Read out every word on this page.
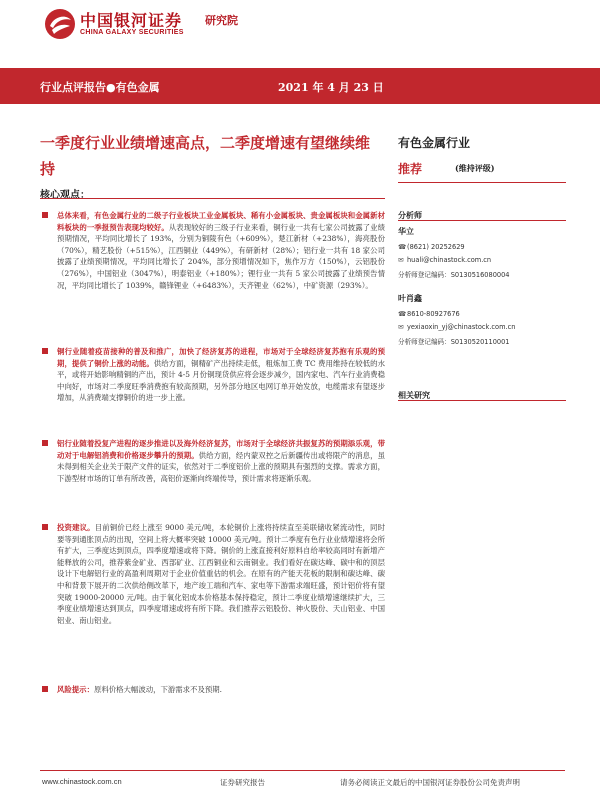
中国银河证券
CHINA GALAXY SECURITIES
研究院
行业点评报告●有色金属	2021 年 4 月 23 日
一季度行业业绩增速高点，二季度增速有望继续维持
核心观点：
总体来看，有色金属行业的二级子行业板块工业金属板块、稀有小金属板块、贵金属板块和金属新材料板块的一季报预告表现均较好。从表现较好的三级子行业来看，铜行业一共有七家公司披露了业绩预期情况，平均同比增长了 193%，分别为铜陵有色（+609%），楚江新材（+238%），海亮股份（70%），精艺股份（+515%），江西铜业（449%），有研新材（28%）；铝行业一共有 18 家公司披露了业绩预期情况，平均同比增长了 204%，部分预增情况如下，焦作万方（150%），云铝股份（276%），中国铝业（3047%），明泰铝业（+180%）；锂行业一共有 5 家公司披露了业绩预告情况，平均同比增长了 1039%，赣锋锂业（+6483%），天齐锂业（62%），中矿资源（293%）。
铜行业随着疫苗接种的普及和推广，加快了经济复苏的进程，市场对于全球经济复苏抱有乐观的预期，提供了铜价上涨的动能。供给方面，铜精矿产出持续走低，粗炼加工费 TC 费用维持在较低的水平，或将开始影响精铜的产出，预计 4-5 月份铜现货供应将会逐步减少，国内家电、汽车行业消费稳中向好，市场对二季度旺季消费抱有较高预期，另外部分地区电网订单开始发放，电缆需求有望逐步增加，从消费端支撑铜价的进一步上涨。
铝行业随着投复产进程的逐步推进以及海外经济复苏，市场对于全球经济共振复苏的预期添乐观，带动对于电解铝消费和价格逐步攀升的预期。供给方面，经内蒙双控之后新疆传出或将限产的消息，虽未得到相关企业关于限产文件的证实，依然对于二季度铝价上涨的预期具有强烈的支撑。需求方面，下游型材市场的订单有所改善，高铝价逐渐向终端传导，预计需求将逐渐乐观。
投资建议。目前铜价已经上涨至 9000 美元/吨，本轮铜价上涨将持续直至美联储收紧流动性，同时要等到通胀顶点的出现，空间上将大概率突破 10000 美元/吨。预计二季度有色行业业绩增速将会所有扩大，三季度达到顶点，四季度增速或将下降。铜价的上涨直接利好原料自给率较高同时有新增产能释放的公司，推荐紫金矿业、西部矿业、江西铜业和云南铜业。我们看好在碳达峰、碳中和的顶层设计下电解铝行业的高盈利周期对于企业价值重估的机会。在原有的产能天花板的限制和碳达峰、碳中和背景下展开的二次供给侧改革下，地产竣工端和汽车、家电等下游需求端旺盛，预计铝价将有望突破 19000-20000 元/吨。由于氧化铝成本价格基本保持稳定，预计二季度业绩增速继续扩大，三季度业绩增速达到顶点，四季度增速或将有所下降。我们推荐云铝股份、神火股份、天山铝业、中国铝业、南山铝业。
风险提示：原料价格大幅波动，下游需求不及预期.
有色金属行业
推荐	(维持评级)
分析师
华立
☎(8621) 20252629
✉ huali@chinastock.com.cn
分析师登记编码：S0130516080004
叶肖鑫
☎8610-80927676
✉ yexiaoxin_yj@chinastock.com.cn
分析师登记编码：S0130520110001
相关研究
www.chinastock.com.cn	证券研究报告	请务必阅读正文最后的中国银河证券股份公司免责声明
